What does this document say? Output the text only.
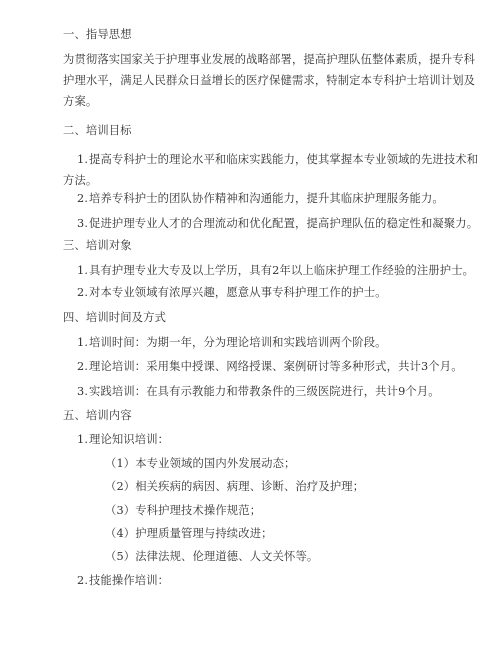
一、指导思想
为贯彻落实国家关于护理事业发展的战略部署，提高护理队伍整体素质，提升专科
护理水平，满足人民群众日益增长的医疗保健需求，特制定本专科护士培训计划及
方案。
二、培训目标
1. 提高专科护士的理论水平和临床实践能力，使其掌握本专业领域的先进技术和
方法。
2. 培养专科护士的团队协作精神和沟通能力，提升其临床护理服务能力。
3. 促进护理专业人才的合理流动和优化配置，提高护理队伍的稳定性和凝聚力。
三、培训对象
1. 具有护理专业大专及以上学历，具有2年以上临床护理工作经验的注册护士。
2. 对本专业领域有浓厚兴趣，愿意从事专科护理工作的护士。
四、培训时间及方式
1. 培训时间：为期一年，分为理论培训和实践培训两个阶段。
2. 理论培训：采用集中授课、网络授课、案例研讨等多种形式，共计3个月。
3. 实践培训：在具有示教能力和带教条件的三级医院进行，共计9个月。
五、培训内容
1. 理论知识培训：
（1）本专业领域的国内外发展动态；
（2）相关疾病的病因、病理、诊断、治疗及护理；
（3）专科护理技术操作规范；
（4）护理质量管理与持续改进；
（5）法律法规、伦理道德、人文关怀等。
2. 技能操作培训：
